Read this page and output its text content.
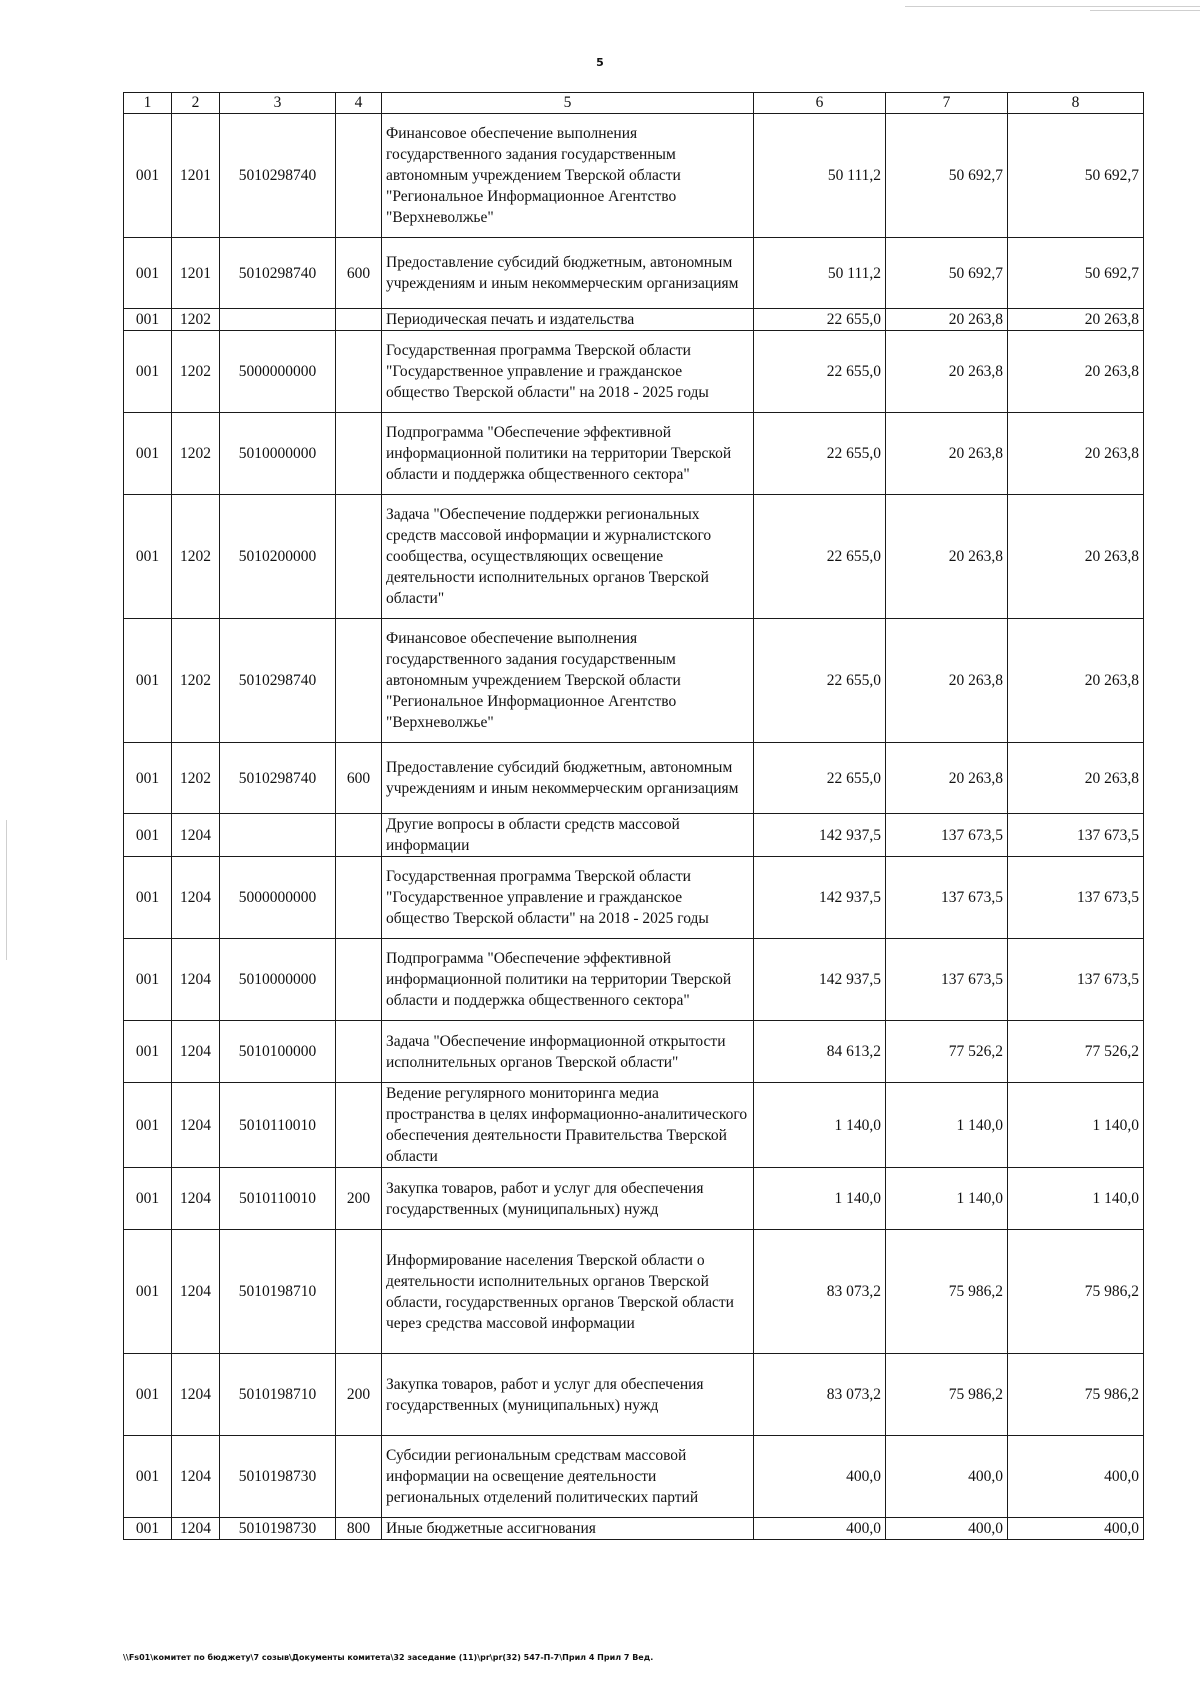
5
1	2	3	4	5	6	7	8
001	1201	5010298740		Финансовое обеспечение выполнения государственного задания государственным автономным учреждением Тверской области "Региональное Информационное Агентство "Верхневолжье"	50 111,2	50 692,7	50 692,7
001	1201	5010298740	600	Предоставление субсидий бюджетным, автономным учреждениям и иным некоммерческим организациям	50 111,2	50 692,7	50 692,7
001	1202			Периодическая печать и издательства	22 655,0	20 263,8	20 263,8
001	1202	5000000000		Государственная программа Тверской области "Государственное управление и гражданское общество Тверской области" на 2018 - 2025 годы	22 655,0	20 263,8	20 263,8
001	1202	5010000000		Подпрограмма "Обеспечение эффективной информационной политики на территории Тверской области и поддержка общественного сектора"	22 655,0	20 263,8	20 263,8
001	1202	5010200000		Задача "Обеспечение поддержки региональных средств массовой информации и журналистского сообщества, осуществляющих освещение деятельности исполнительных органов Тверской области"	22 655,0	20 263,8	20 263,8
001	1202	5010298740		Финансовое обеспечение выполнения государственного задания государственным автономным учреждением Тверской области "Региональное Информационное Агентство "Верхневолжье"	22 655,0	20 263,8	20 263,8
001	1202	5010298740	600	Предоставление субсидий бюджетным, автономным учреждениям и иным некоммерческим организациям	22 655,0	20 263,8	20 263,8
001	1204			Другие вопросы в области средств массовой информации	142 937,5	137 673,5	137 673,5
001	1204	5000000000		Государственная программа Тверской области "Государственное управление и гражданское общество Тверской области" на 2018 - 2025 годы	142 937,5	137 673,5	137 673,5
001	1204	5010000000		Подпрограмма "Обеспечение эффективной информационной политики на территории Тверской области и поддержка общественного сектора"	142 937,5	137 673,5	137 673,5
001	1204	5010100000		Задача "Обеспечение информационной открытости исполнительных органов Тверской области"	84 613,2	77 526,2	77 526,2
001	1204	5010110010		Ведение регулярного мониторинга медиа пространства в целях информационно-аналитического обеспечения деятельности Правительства Тверской области	1 140,0	1 140,0	1 140,0
001	1204	5010110010	200	Закупка товаров, работ и услуг для обеспечения государственных (муниципальных) нужд	1 140,0	1 140,0	1 140,0
001	1204	5010198710		Информирование населения Тверской области о деятельности исполнительных органов Тверской области, государственных органов Тверской области через средства массовой информации	83 073,2	75 986,2	75 986,2
001	1204	5010198710	200	Закупка товаров, работ и услуг для обеспечения государственных (муниципальных) нужд	83 073,2	75 986,2	75 986,2
001	1204	5010198730		Субсидии региональным средствам массовой информации на освещение деятельности региональных отделений политических партий	400,0	400,0	400,0
001	1204	5010198730	800	Иные бюджетные ассигнования	400,0	400,0	400,0
\\Fs01\комитет по бюджету\7 созыв\Документы комитета\32 заседание (11)\pr\pr(32) 547-П-7\Прил 4 Прил 7 Вед.
